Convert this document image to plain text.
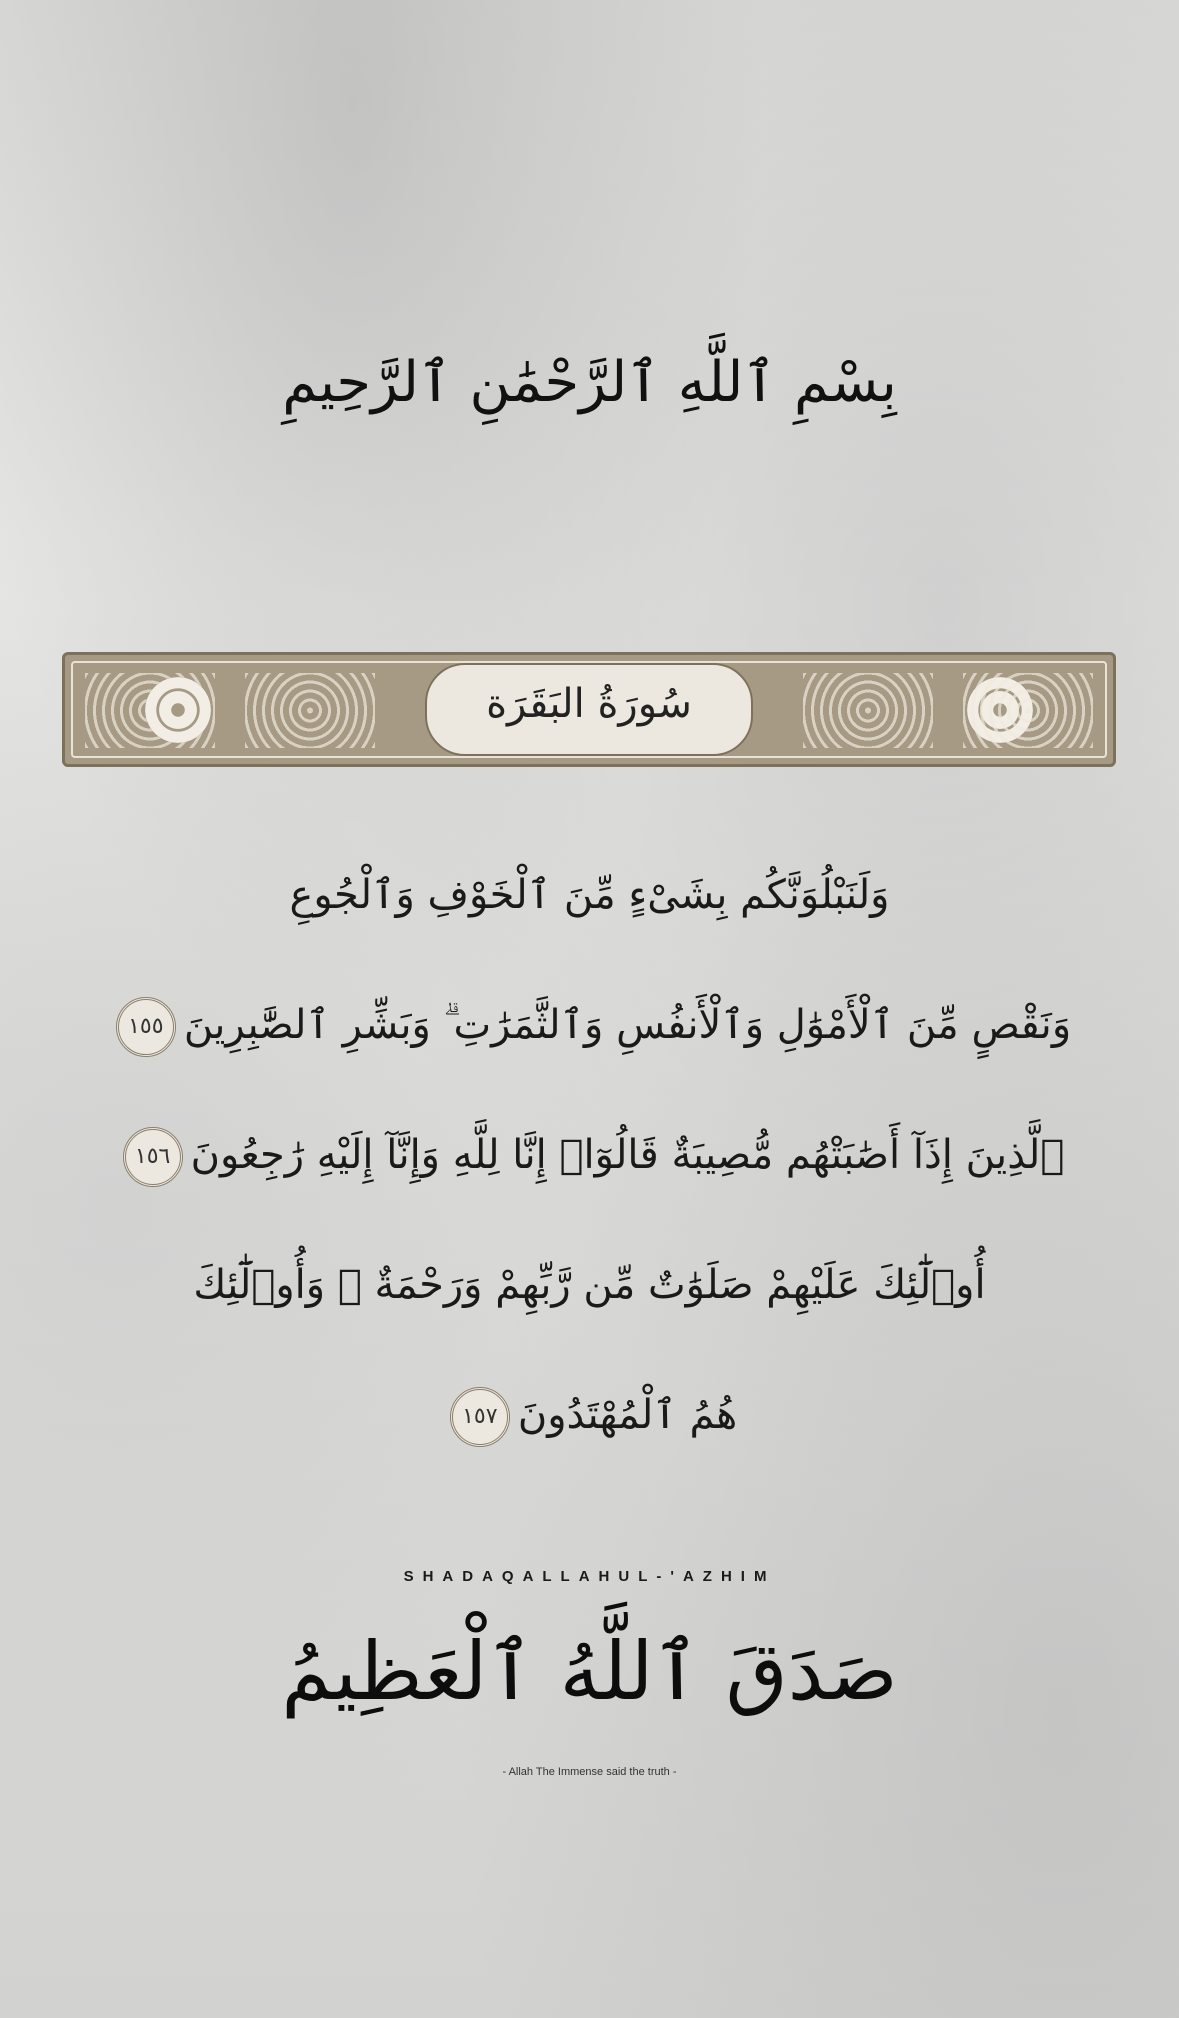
بِسْمِ ٱللَّهِ ٱلرَّحْمَٰنِ ٱلرَّحِيمِ
سُورَةُ البَقَرَة
وَلَنَبْلُوَنَّكُم بِشَىْءٍ مِّنَ ٱلْخَوْفِ وَٱلْجُوعِ
وَنَقْصٍ مِّنَ ٱلْأَمْوَٰلِ وَٱلْأَنفُسِ وَٱلثَّمَرَٰتِ ۗ وَبَشِّرِ ٱلصَّٰبِرِينَ١٥٥
ٱلَّذِينَ إِذَآ أَصَٰبَتْهُم مُّصِيبَةٌ قَالُوٓا۟ إِنَّا لِلَّهِ وَإِنَّآ إِلَيْهِ رَٰجِعُونَ١٥٦
أُو۟لَٰٓئِكَ عَلَيْهِمْ صَلَوَٰتٌ مِّن رَّبِّهِمْ وَرَحْمَةٌ ۖ وَأُو۟لَٰٓئِكَ
هُمُ ٱلْمُهْتَدُونَ١٥٧
SHADAQALLAHUL-'AZHIM
صَدَقَ ٱللَّهُ ٱلْعَظِيمُ
- Allah The Immense said the truth -
